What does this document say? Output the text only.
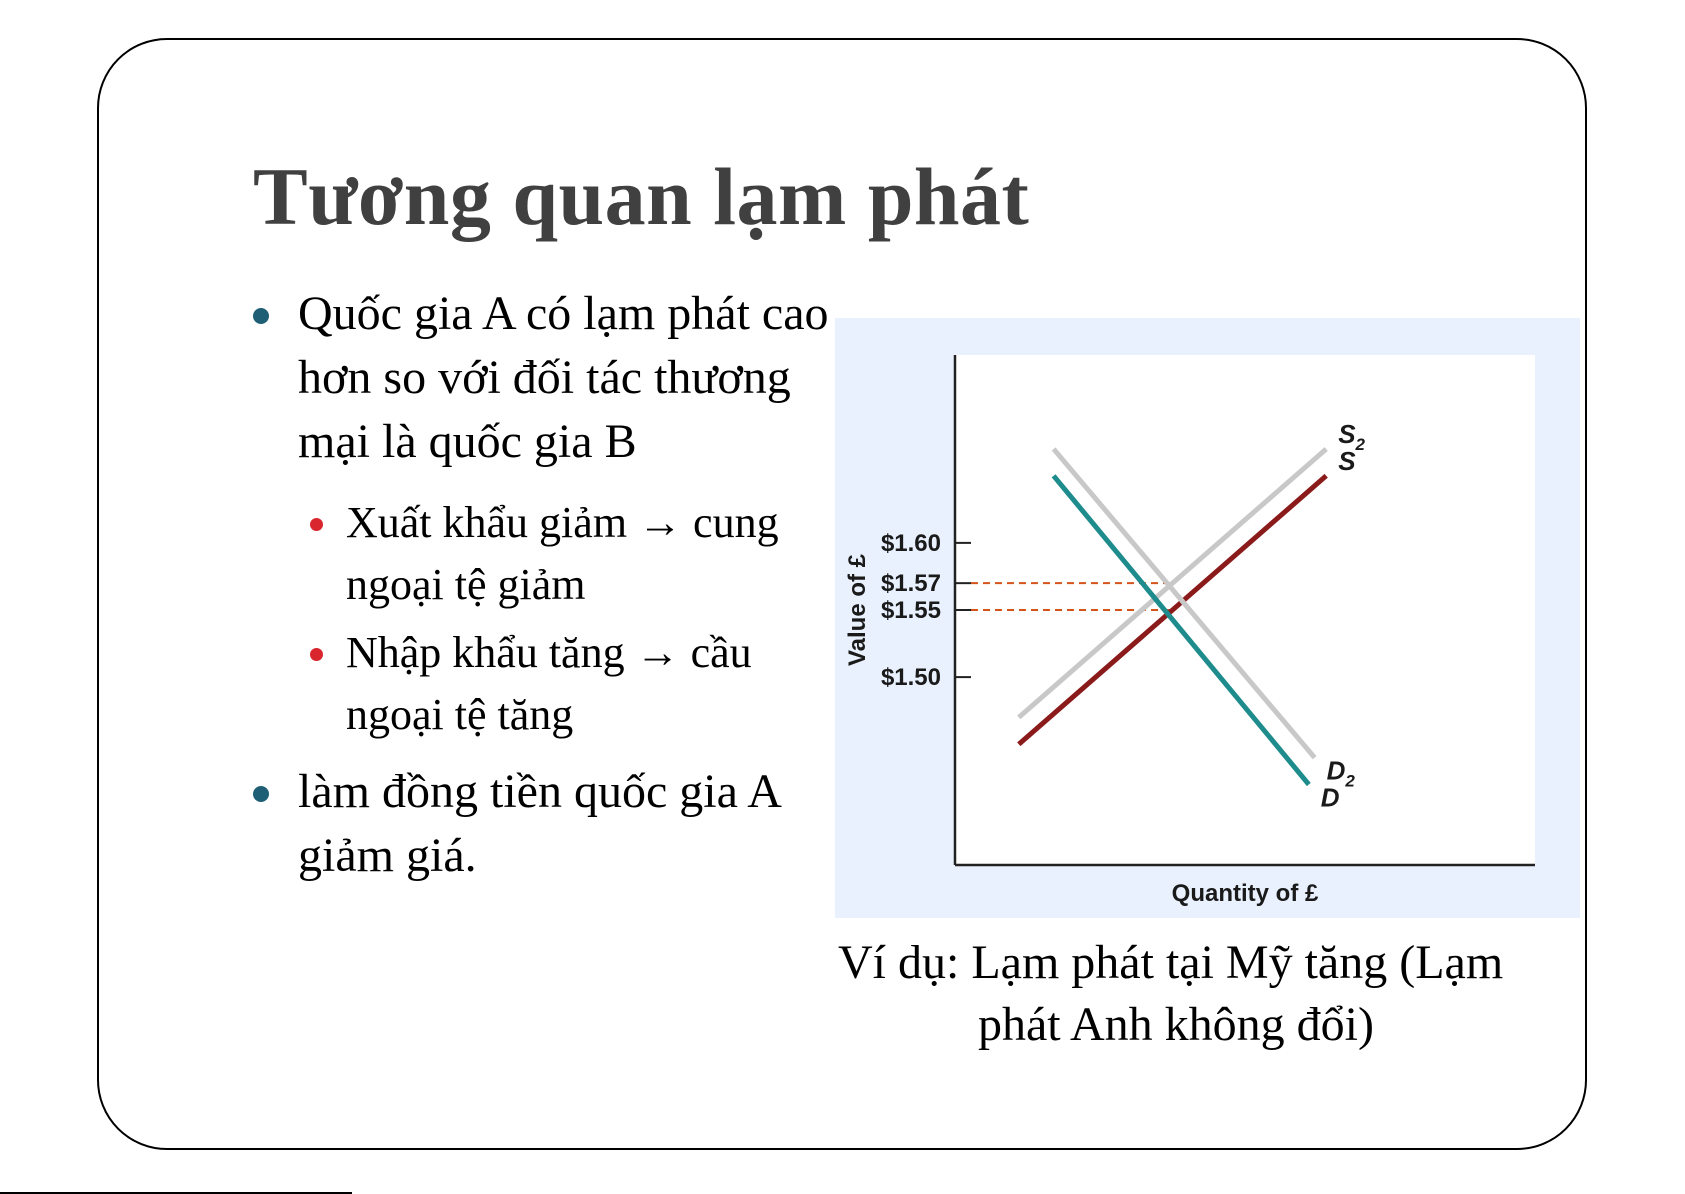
Tương quan lạm phát

Quốc gia A có lạm phát cao hơn so với đối tác thương mại là quốc gia B

Xuất khẩu giảm → cung ngoại tệ giảm

Nhập khẩu tăng → cầu ngoại tệ tăng

làm đồng tiền quốc gia A giảm giá.

$1.60
$1.57
$1.55
$1.50
$S_2$
S
$D_2$
D
Quantity of £
Value of £

Ví dụ: Lạm phát tại Mỹ tăng (Lạm phát Anh không đổi)
